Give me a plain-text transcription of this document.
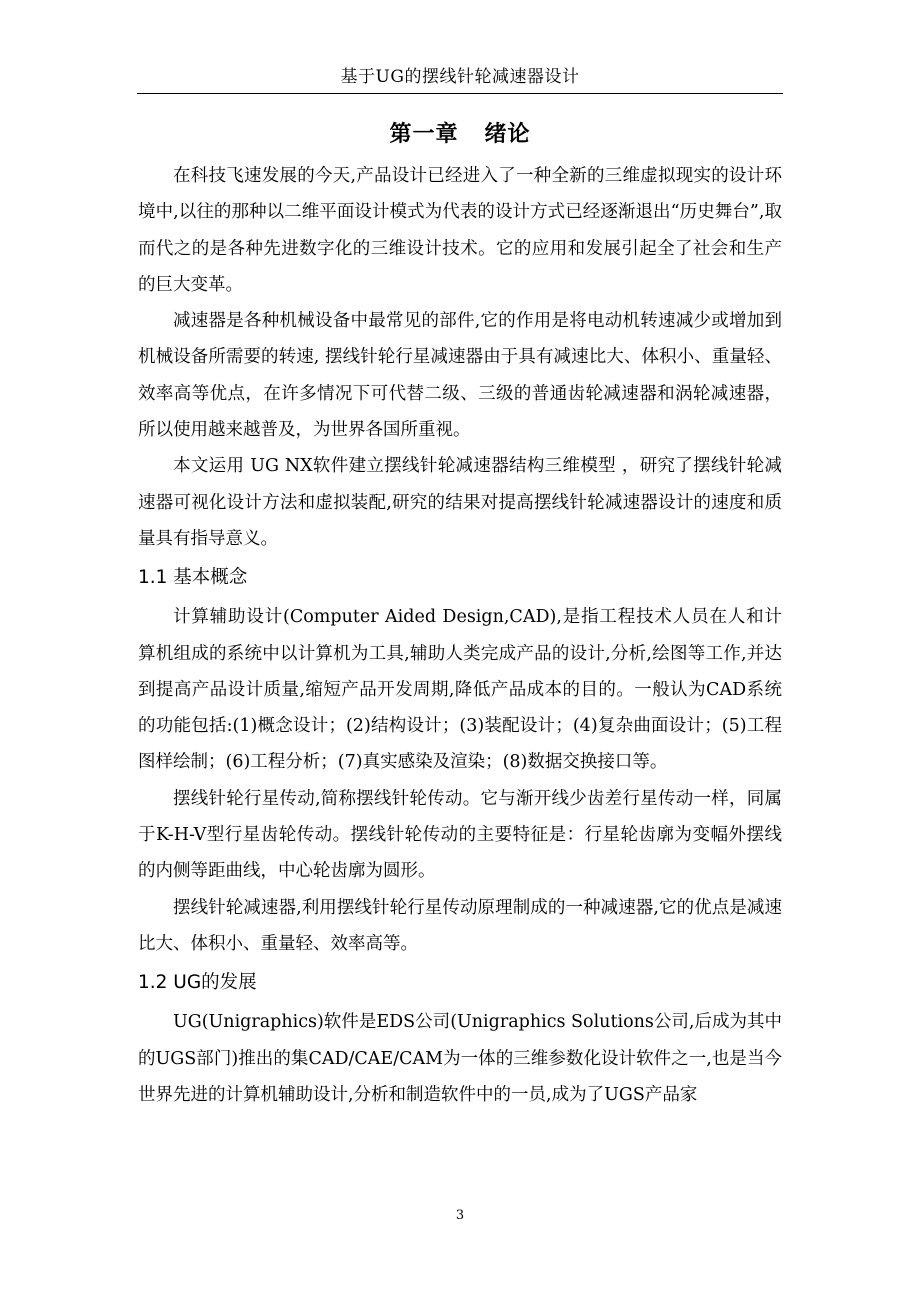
基于UG的摆线针轮减速器设计
第一章   绪论

在科技飞速发展的今天,产品设计已经进入了一种全新的三维虚拟现实的设计环境中,以往的那种以二维平面设计模式为代表的设计方式已经逐渐退出“历史舞台”,取而代之的是各种先进数字化的三维设计技术。它的应用和发展引起全了社会和生产的巨大变革。

减速器是各种机械设备中最常见的部件,它的作用是将电动机转速减少或增加到机械设备所需要的转速, 摆线针轮行星减速器由于具有减速比大、体积小、重量轻、效率高等优点，在许多情况下可代替二级、三级的普通齿轮减速器和涡轮减速器，所以使用越来越普及，为世界各国所重视。

本文运用 UG NX软件建立摆线针轮减速器结构三维模型 ，研究了摆线针轮减速器可视化设计方法和虚拟装配,研究的结果对提高摆线针轮减速器设计的速度和质量具有指导意义。

1.1 基本概念

计算辅助设计(Computer Aided Design,CAD),是指工程技术人员在人和计算机组成的系统中以计算机为工具,辅助人类完成产品的设计,分析,绘图等工作,并达到提高产品设计质量,缩短产品开发周期,降低产品成本的目的。一般认为CAD系统的功能包括:(1)概念设计；(2)结构设计；(3)装配设计；(4)复杂曲面设计；(5)工程图样绘制；(6)工程分析；(7)真实感染及渲染；(8)数据交换接口等。

摆线针轮行星传动,简称摆线针轮传动。它与渐开线少齿差行星传动一样，同属于K-H-V型行星齿轮传动。摆线针轮传动的主要特征是：行星轮齿廓为变幅外摆线的内侧等距曲线，中心轮齿廓为圆形。

摆线针轮减速器,利用摆线针轮行星传动原理制成的一种减速器,它的优点是减速比大、体积小、重量轻、效率高等。

1.2 UG的发展

UG(Unigraphics)软件是EDS公司(Unigraphics Solutions公司,后成为其中的UGS部门)推出的集CAD/CAE/CAM为一体的三维参数化设计软件之一,也是当今世界先进的计算机辅助设计,分析和制造软件中的一员,成为了UGS产品家

3
